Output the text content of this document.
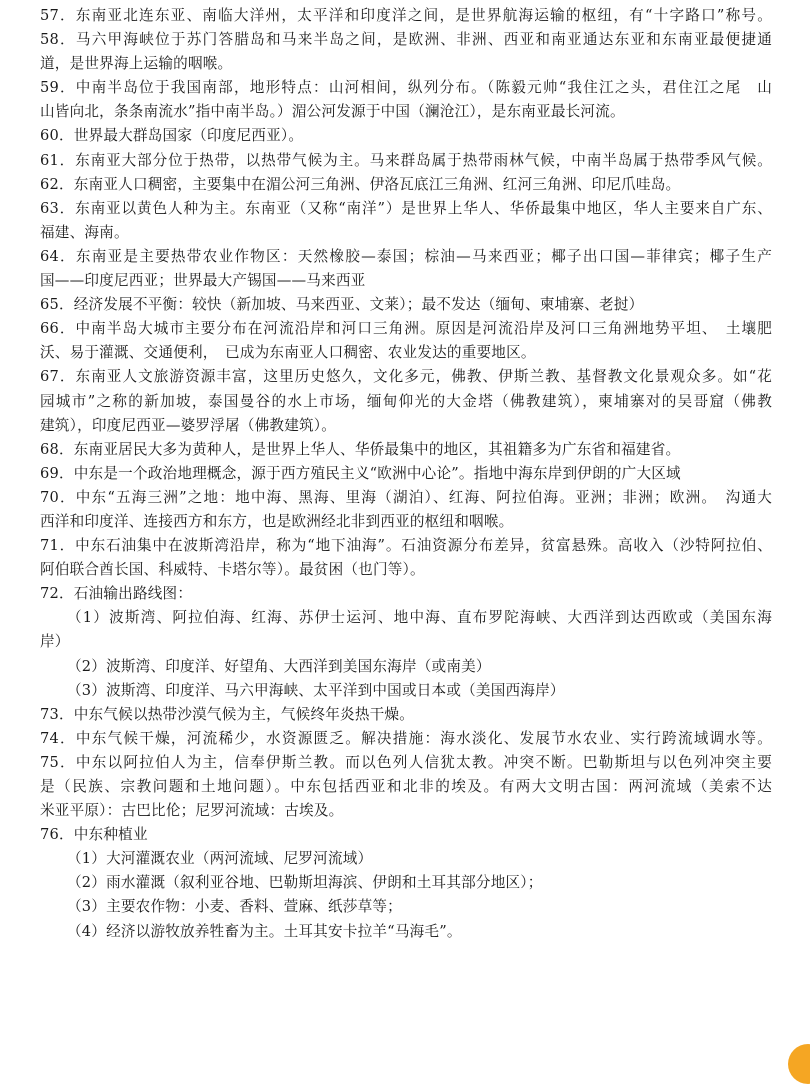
57．东南亚北连东亚、南临大洋州，太平洋和印度洋之间，是世界航海运输的枢纽，有“十字路口”称号。
58．马六甲海峡位于苏门答腊岛和马来半岛之间，是欧洲、非洲、西亚和南亚通达东亚和东南亚最便捷通
道，是世界海上运输的咽喉。
59．中南半岛位于我国南部，地形特点：山河相间，纵列分布。（陈毅元帅“我住江之头，君住江之尾　山
山皆向北，条条南流水”指中南半岛。）湄公河发源于中国（澜沧江），是东南亚最长河流。
60．世界最大群岛国家（印度尼西亚）。
61．东南亚大部分位于热带，以热带气候为主。马来群岛属于热带雨林气候，中南半岛属于热带季风气候。
62．东南亚人口稠密，主要集中在湄公河三角洲、伊洛瓦底江三角洲、红河三角洲、印尼爪哇岛。
63．东南亚以黄色人种为主。东南亚（又称“南洋”）是世界上华人、华侨最集中地区，华人主要来自广东、
福建、海南。
64．东南亚是主要热带农业作物区：天然橡胶—泰国；棕油—马来西亚；椰子出口国—菲律宾；椰子生产
国——印度尼西亚；世界最大产锡国——马来西亚
65．经济发展不平衡：较快（新加坡、马来西亚、文莱）；最不发达（缅甸、柬埔寨、老挝）
66．中南半岛大城市主要分布在河流沿岸和河口三角洲。原因是河流沿岸及河口三角洲地势平坦、　土壤肥
沃、易于灌溉、交通便利，　已成为东南亚人口稠密、农业发达的重要地区。
67．东南亚人文旅游资源丰富，这里历史悠久，文化多元，佛教、伊斯兰教、基督教文化景观众多。如“花
园城市”之称的新加坡，泰国曼谷的水上市场，缅甸仰光的大金塔（佛教建筑），柬埔寨对的吴哥窟（佛教
建筑），印度尼西亚—婆罗浮屠（佛教建筑）。
68．东南亚居民大多为黄种人，是世界上华人、华侨最集中的地区，其祖籍多为广东省和福建省。
69．中东是一个政治地理概念，源于西方殖民主义“欧洲中心论”。指地中海东岸到伊朗的广大区域
70．中东“五海三洲”之地：地中海、黑海、里海（湖泊）、红海、阿拉伯海。亚洲；非洲；欧洲。　沟通大
西洋和印度洋、连接西方和东方，也是欧洲经北非到西亚的枢纽和咽喉。
71．中东石油集中在波斯湾沿岸，称为“地下油海”。石油资源分布差异，贫富悬殊。高收入（沙特阿拉伯、
阿伯联合酋长国、科威特、卡塔尔等）。最贫困（也门等）。
72．石油输出路线图：
（1）波斯湾、阿拉伯海、红海、苏伊士运河、地中海、直布罗陀海峡、大西洋到达西欧或（美国东海
岸）
（2）波斯湾、印度洋、好望角、大西洋到美国东海岸（或南美）
（3）波斯湾、印度洋、马六甲海峡、太平洋到中国或日本或（美国西海岸）
73．中东气候以热带沙漠气候为主，气候终年炎热干燥。
74．中东气候干燥，河流稀少，水资源匮乏。解决措施：海水淡化、发展节水农业、实行跨流域调水等。
75．中东以阿拉伯人为主，信奉伊斯兰教。而以色列人信犹太教。冲突不断。巴勒斯坦与以色列冲突主要
是（民族、宗教问题和土地问题）。中东包括西亚和北非的埃及。有两大文明古国：两河流域（美索不达
米亚平原）：古巴比伦；尼罗河流域：古埃及。
76．中东种植业
（1）大河灌溉农业（两河流域、尼罗河流域）
（2）雨水灌溉（叙利亚谷地、巴勒斯坦海滨、伊朗和土耳其部分地区）；
（3）主要农作物：小麦、香料、萱麻、纸莎草等；
（4）经济以游牧放养牲畜为主。土耳其安卡拉羊“马海毛”。
